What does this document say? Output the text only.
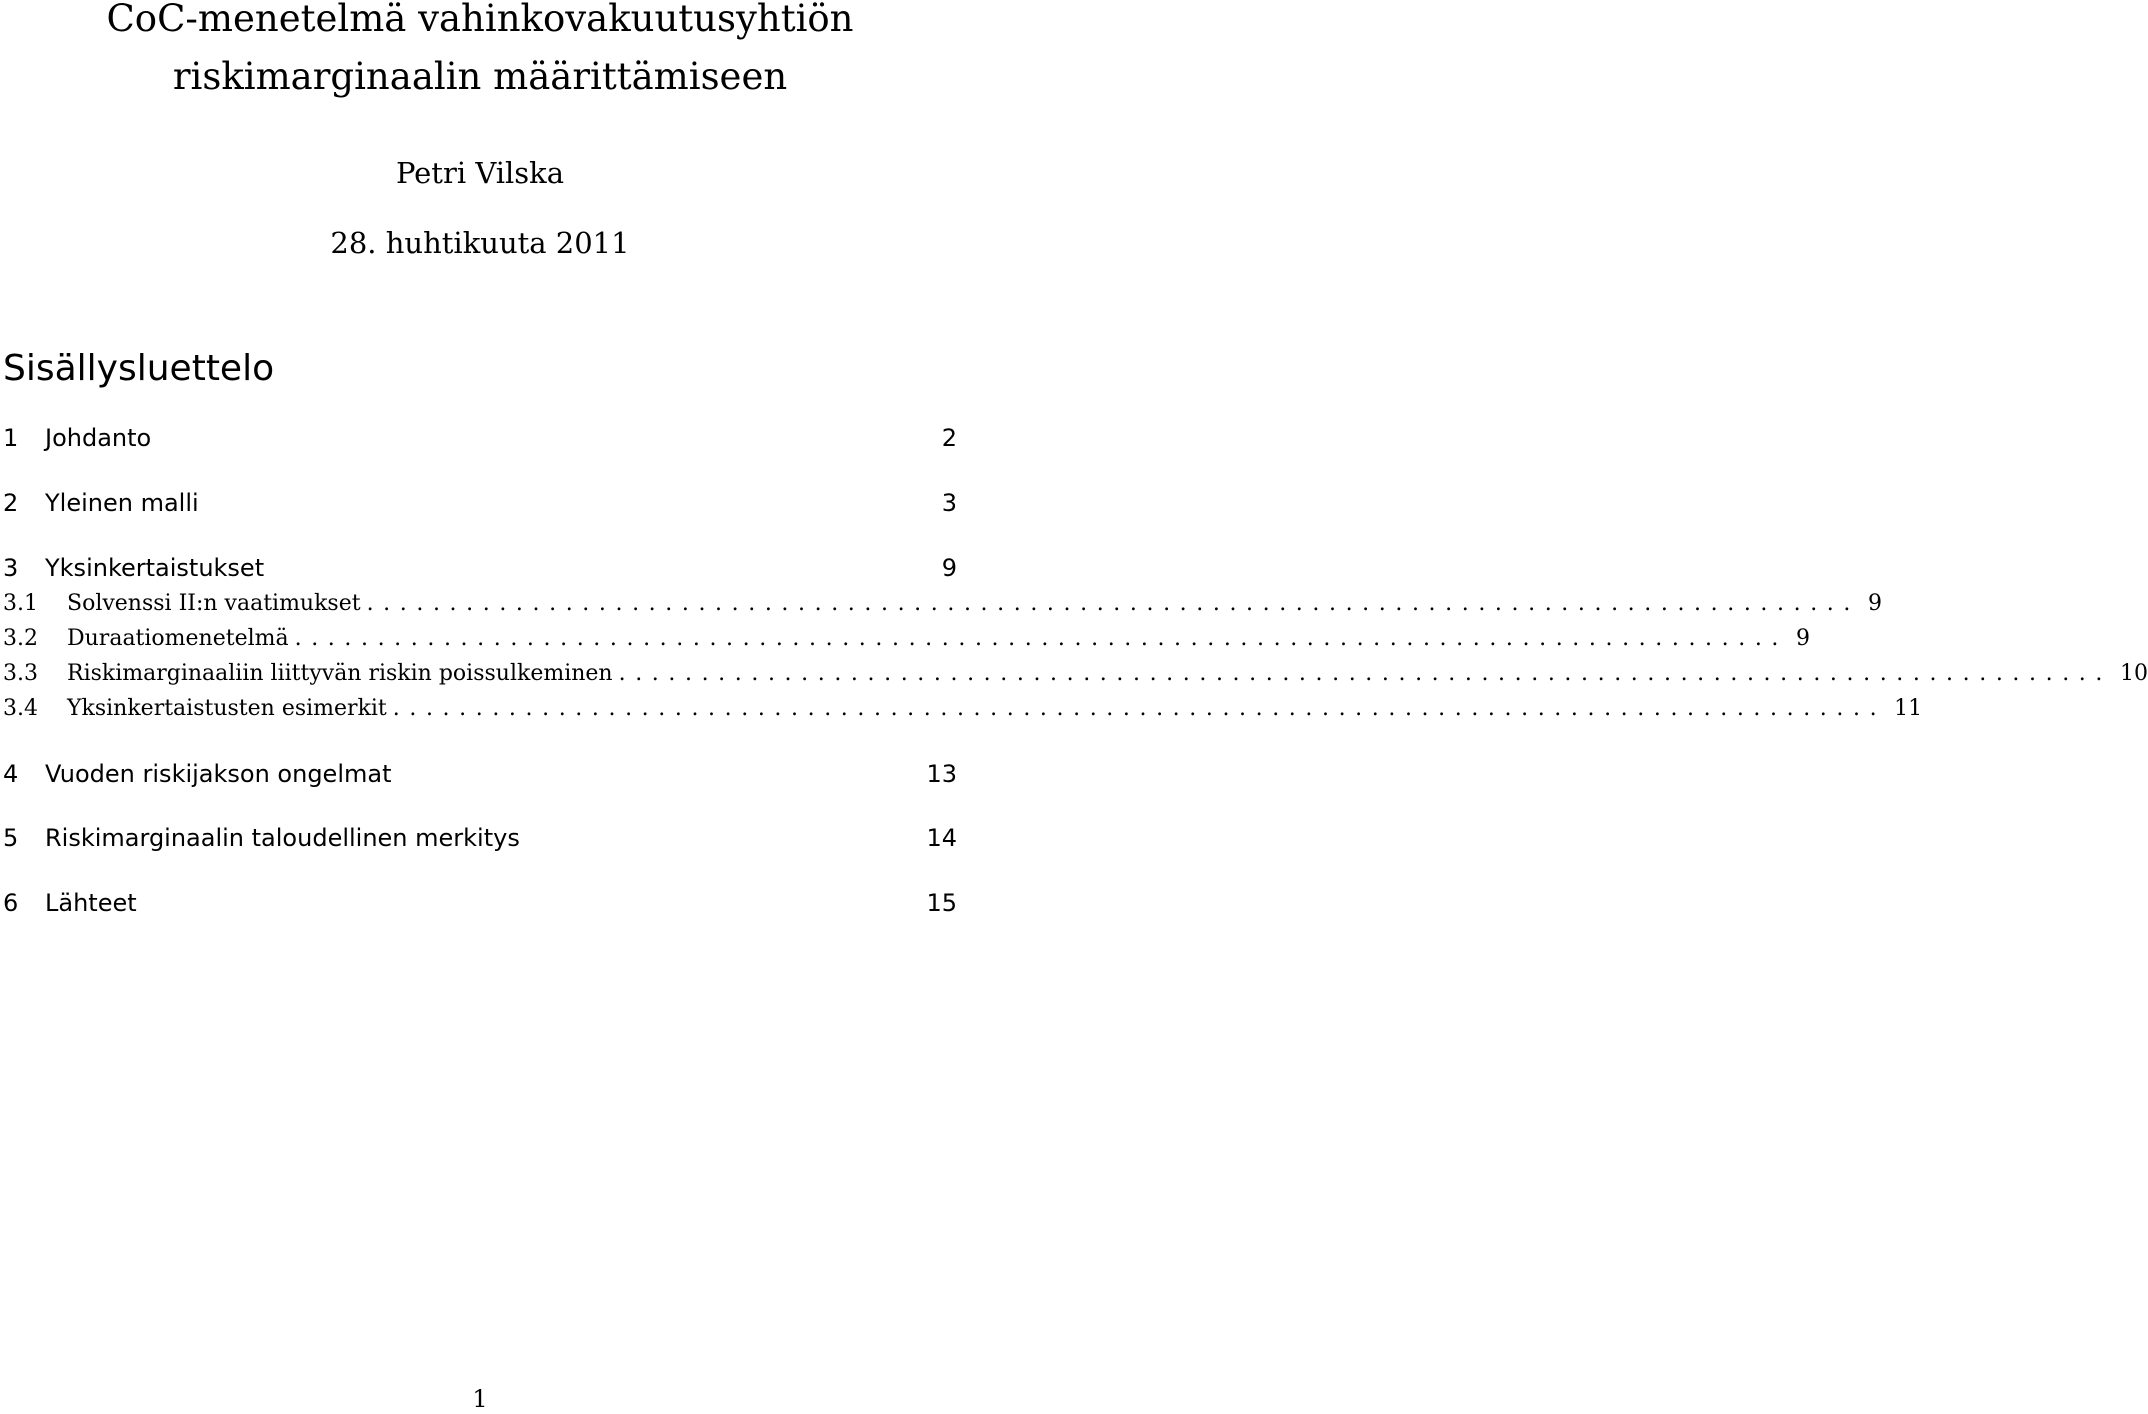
CoC-menetelmä vahinkovakuutusyhtiön
riskimarginaalin määrittämiseen
Petri Vilska
28. huhtikuuta 2011
Sisällysluettelo
1	Johdanto	2
2	Yleinen malli	3
3	Yksinkertaistukset	9
3.1	Solvenssi II:n vaatimukset .......................................................................................... 9
3.2	Duraatiomenetelmä .......................................................................................... 9
3.3	Riskimarginaaliin liittyvän riskin poissulkeminen .......................................................................................... 10
3.4	Yksinkertaistusten esimerkit .......................................................................................... 11
4	Vuoden riskijakson ongelmat	13
5	Riskimarginaalin taloudellinen merkitys	14
6	Lähteet	15
1
